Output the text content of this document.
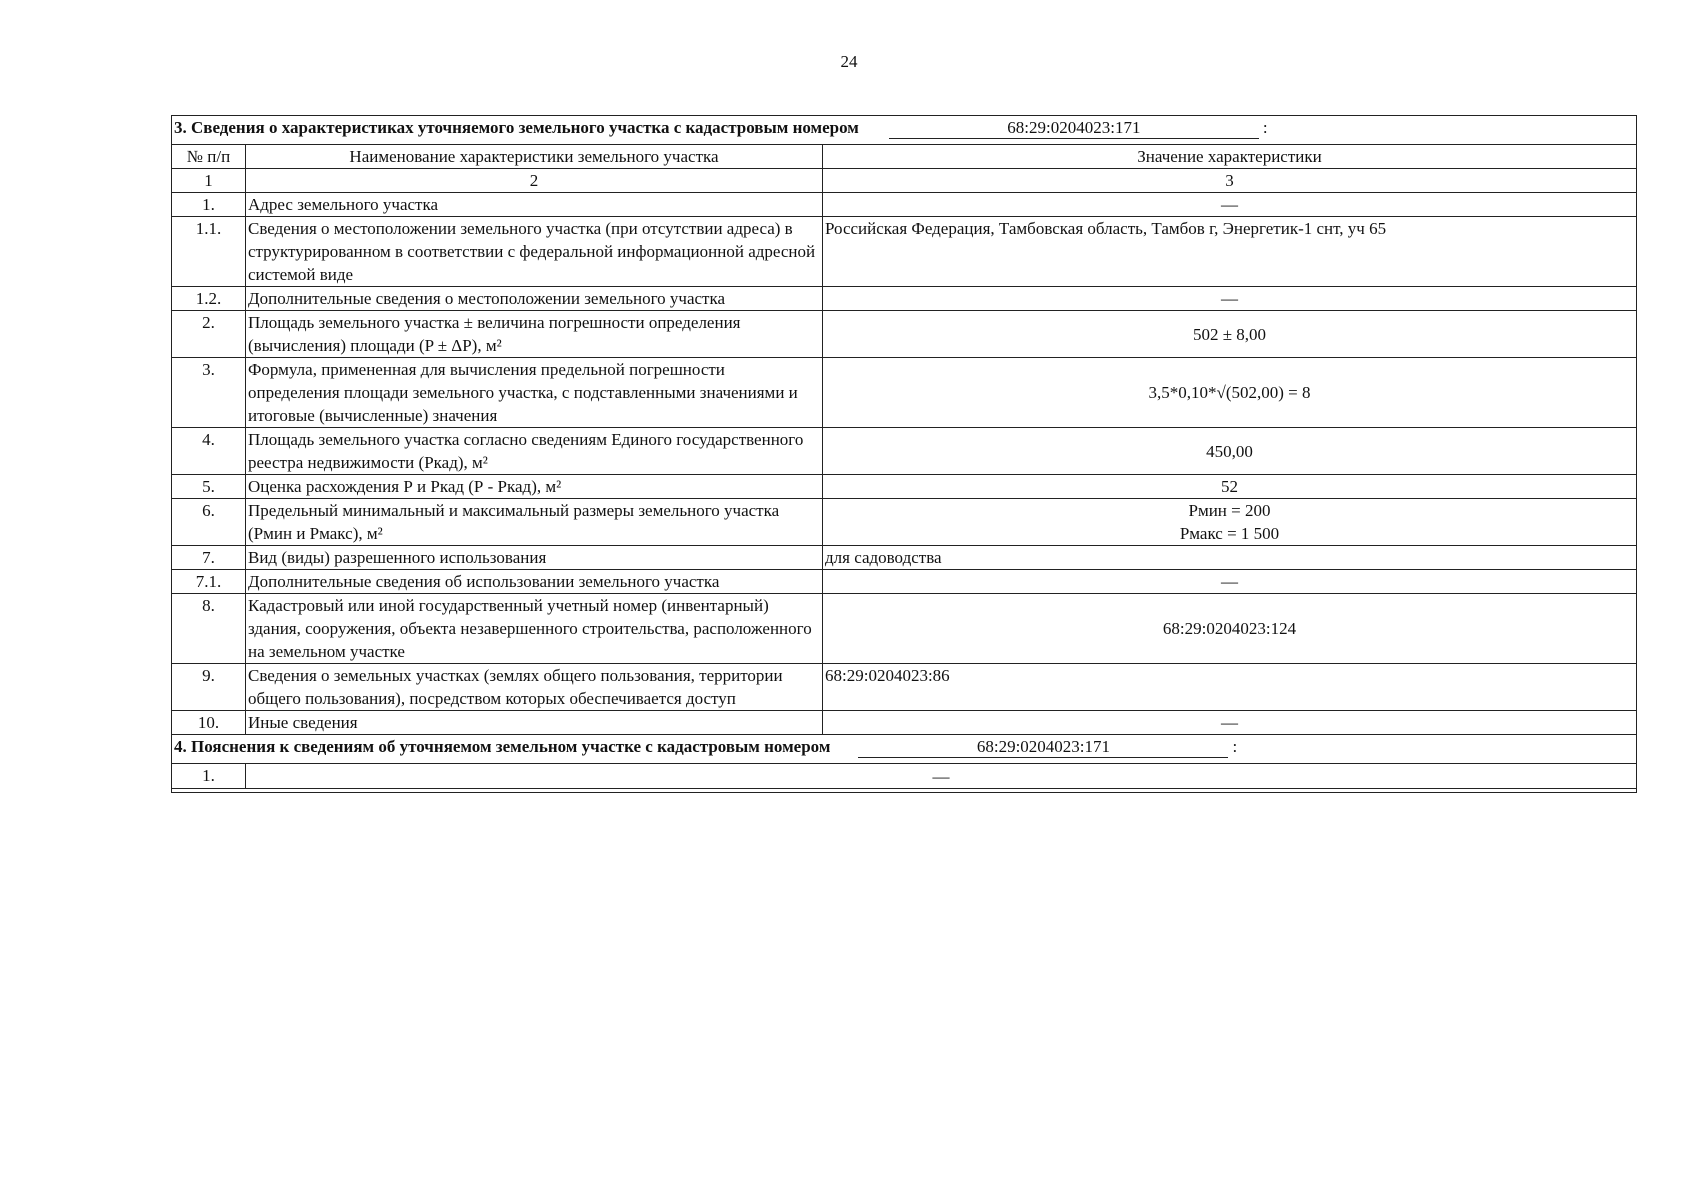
24
3. Сведения о характеристиках уточняемого земельного участка с кадастровым номером 68:29:0204023:171 :		
№ п/п	Наименование характеристики земельного участка	Значение характеристики
1	2	3
1.	Адрес земельного участка	—
1.1.	Сведения о местоположении земельного участка (при отсутствии адреса) в структурированном в соответствии с федеральной информационной адресной системой виде	Российская Федерация, Тамбовская область, Тамбов г, Энергетик-1 снт, уч 65
1.2.	Дополнительные сведения о местоположении земельного участка	—
2.	Площадь земельного участка ± величина погрешности определения (вычисления) площади (P ± ΔP), м²	502 ± 8,00
3.	Формула, примененная для вычисления предельной погрешности определения площади земельного участка, с подставленными значениями и итоговые (вычисленные) значения	3,5*0,10*√(502,00) = 8
4.	Площадь земельного участка согласно сведениям Единого государственного реестра недвижимости (Ркад), м²	450,00
5.	Оценка расхождения Р и Ркад (Р - Ркад), м²	52
6.	Предельный минимальный и максимальный размеры земельного участка (Рмин и Рмакс), м²	Рмин = 200
Рмакс = 1 500

7.	Вид (виды) разрешенного использования	для садоводства
7.1.	Дополнительные сведения об использовании земельного участка	—
8.	Кадастровый или иной государственный учетный номер (инвентарный) здания, сооружения, объекта незавершенного строительства, расположенного на земельном участке	68:29:0204023:124
9.	Сведения о земельных участках (землях общего пользования, территории общего пользования), посредством которых обеспечивается доступ	68:29:0204023:86
10.	Иные сведения	—
4. Пояснения к сведениям об уточняемом земельном участке с кадастровым номером 68:29:0204023:171 :		
1.	—	
